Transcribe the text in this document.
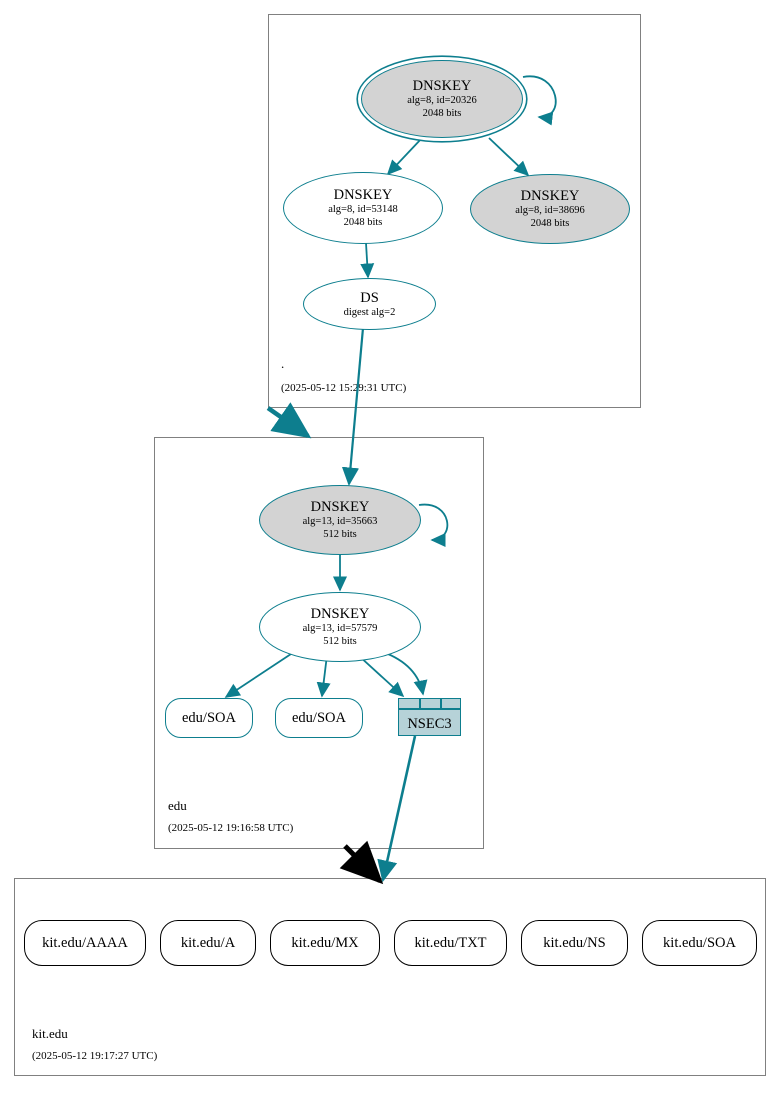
.
(2025-05-12 15:29:31 UTC)
edu
(2025-05-12 19:16:58 UTC)
kit.edu
(2025-05-12 19:17:27 UTC)
DNSKEY
alg=8, id=20326
2048 bits
DNSKEY
alg=8, id=53148
2048 bits
DNSKEY
alg=8, id=38696
2048 bits
DS
digest alg=2
DNSKEY
alg=13, id=35663
512 bits
DNSKEY
alg=13, id=57579
512 bits
edu/SOA	edu/SOA	NSEC3
kit.edu/AAAA	kit.edu/A	kit.edu/MX	kit.edu/TXT	kit.edu/NS	kit.edu/SOA
